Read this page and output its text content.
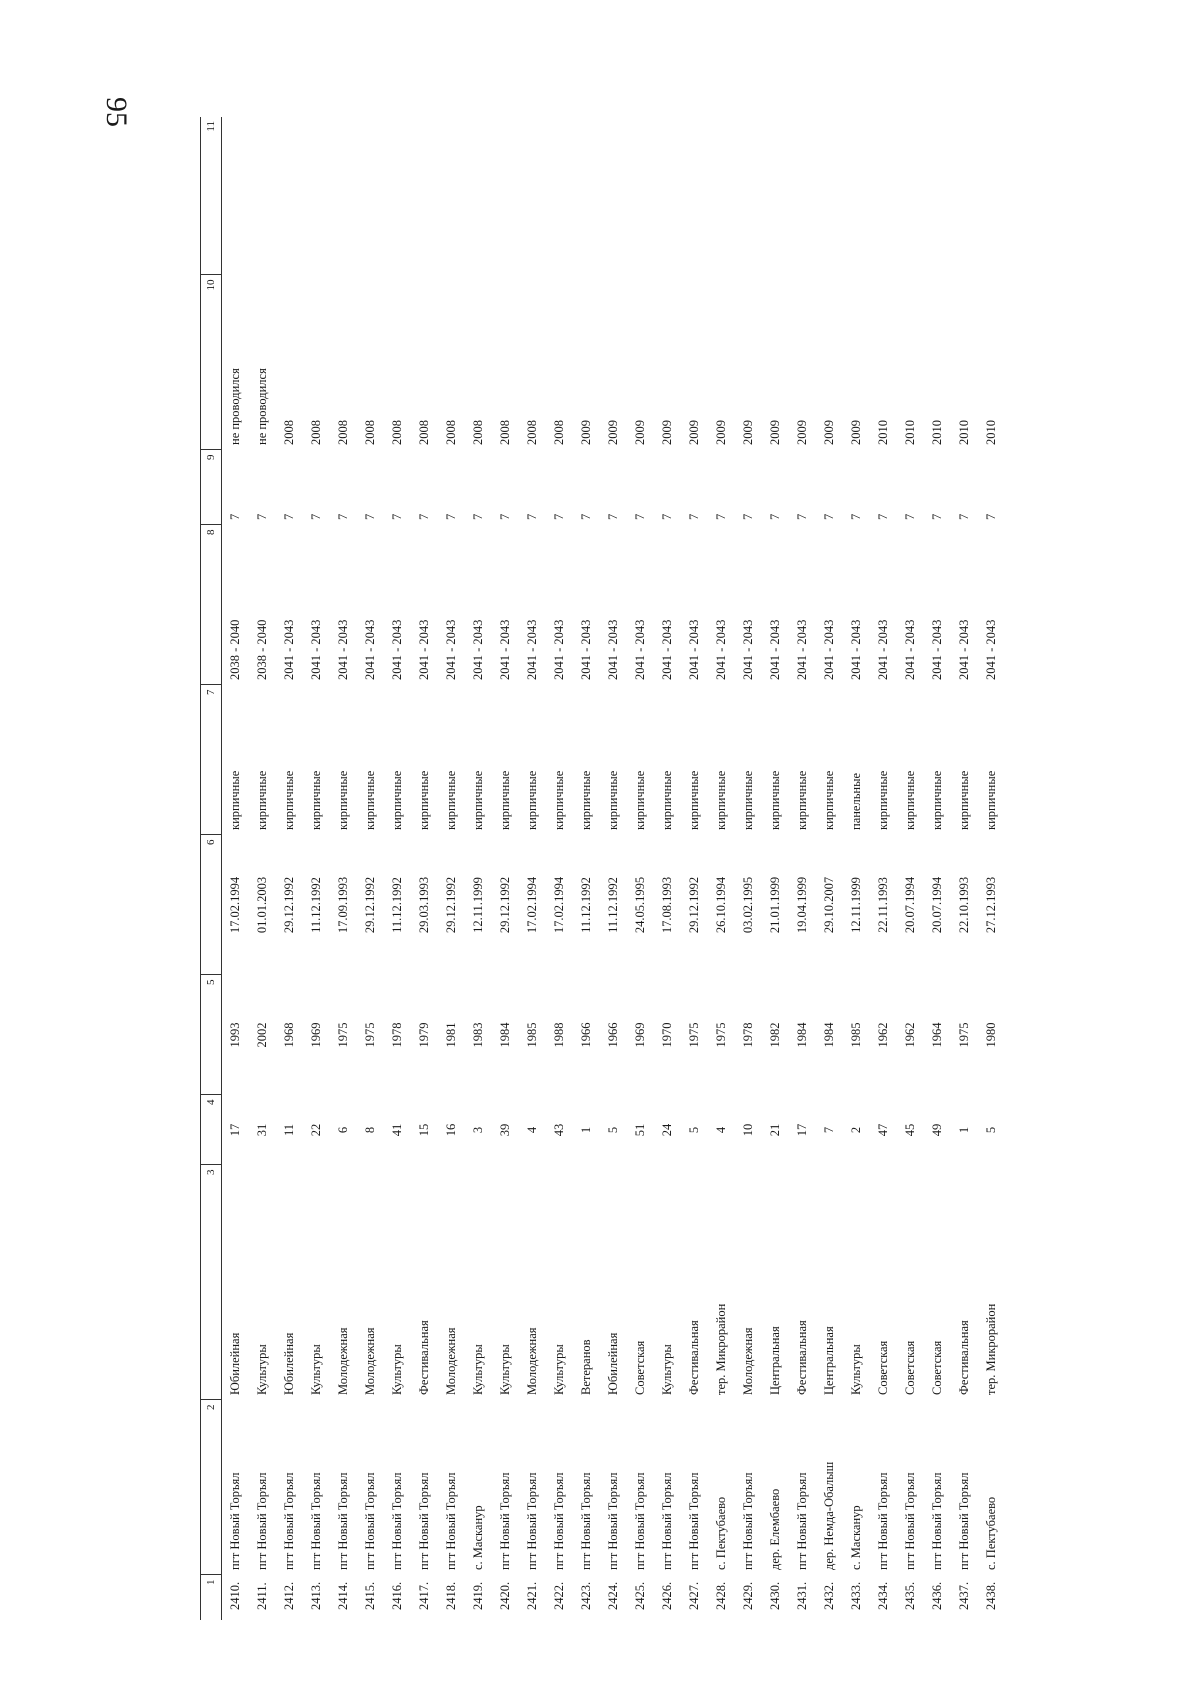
95
1	2	3	4	5	6	7	8	9	10	11
2410.	пгт Новый Торъял	Юбилейная	17	1993	17.02.1994	кирпичные	2038 - 2040	7	не проводился	
2411.	пгт Новый Торъял	Культуры	31	2002	01.01.2003	кирпичные	2038 - 2040	7	не проводился	
2412.	пгт Новый Торъял	Юбилейная	11	1968	29.12.1992	кирпичные	2041 - 2043	7	2008	
2413.	пгт Новый Торъял	Культуры	22	1969	11.12.1992	кирпичные	2041 - 2043	7	2008	
2414.	пгт Новый Торъял	Молодежная	6	1975	17.09.1993	кирпичные	2041 - 2043	7	2008	
2415.	пгт Новый Торъял	Молодежная	8	1975	29.12.1992	кирпичные	2041 - 2043	7	2008	
2416.	пгт Новый Торъял	Культуры	41	1978	11.12.1992	кирпичные	2041 - 2043	7	2008	
2417.	пгт Новый Торъял	Фестивальная	15	1979	29.03.1993	кирпичные	2041 - 2043	7	2008	
2418.	пгт Новый Торъял	Молодежная	16	1981	29.12.1992	кирпичные	2041 - 2043	7	2008	
2419.	с. Масканур	Культуры	3	1983	12.11.1999	кирпичные	2041 - 2043	7	2008	
2420.	пгт Новый Торъял	Культуры	39	1984	29.12.1992	кирпичные	2041 - 2043	7	2008	
2421.	пгт Новый Торъял	Молодежная	4	1985	17.02.1994	кирпичные	2041 - 2043	7	2008	
2422.	пгт Новый Торъял	Культуры	43	1988	17.02.1994	кирпичные	2041 - 2043	7	2008	
2423.	пгт Новый Торъял	Ветеранов	1	1966	11.12.1992	кирпичные	2041 - 2043	7	2009	
2424.	пгт Новый Торъял	Юбилейная	5	1966	11.12.1992	кирпичные	2041 - 2043	7	2009	
2425.	пгт Новый Торъял	Советская	51	1969	24.05.1995	кирпичные	2041 - 2043	7	2009	
2426.	пгт Новый Торъял	Культуры	24	1970	17.08.1993	кирпичные	2041 - 2043	7	2009	
2427.	пгт Новый Торъял	Фестивальная	5	1975	29.12.1992	кирпичные	2041 - 2043	7	2009	
2428.	с. Пектубаево	тер. Микрорайон	4	1975	26.10.1994	кирпичные	2041 - 2043	7	2009	
2429.	пгт Новый Торъял	Молодежная	10	1978	03.02.1995	кирпичные	2041 - 2043	7	2009	
2430.	дер. Елембаево	Центральная	21	1982	21.01.1999	кирпичные	2041 - 2043	7	2009	
2431.	пгт Новый Торъял	Фестивальная	17	1984	19.04.1999	кирпичные	2041 - 2043	7	2009	
2432.	дер. Немда-Обалыш	Центральная	7	1984	29.10.2007	кирпичные	2041 - 2043	7	2009	
2433.	с. Масканур	Культуры	2	1985	12.11.1999	панельные	2041 - 2043	7	2009	
2434.	пгт Новый Торъял	Советская	47	1962	22.11.1993	кирпичные	2041 - 2043	7	2010	
2435.	пгт Новый Торъял	Советская	45	1962	20.07.1994	кирпичные	2041 - 2043	7	2010	
2436.	пгт Новый Торъял	Советская	49	1964	20.07.1994	кирпичные	2041 - 2043	7	2010	
2437.	пгт Новый Торъял	Фестивальная	1	1975	22.10.1993	кирпичные	2041 - 2043	7	2010	
2438.	с. Пектубаево	тер. Микрорайон	5	1980	27.12.1993	кирпичные	2041 - 2043	7	2010	
